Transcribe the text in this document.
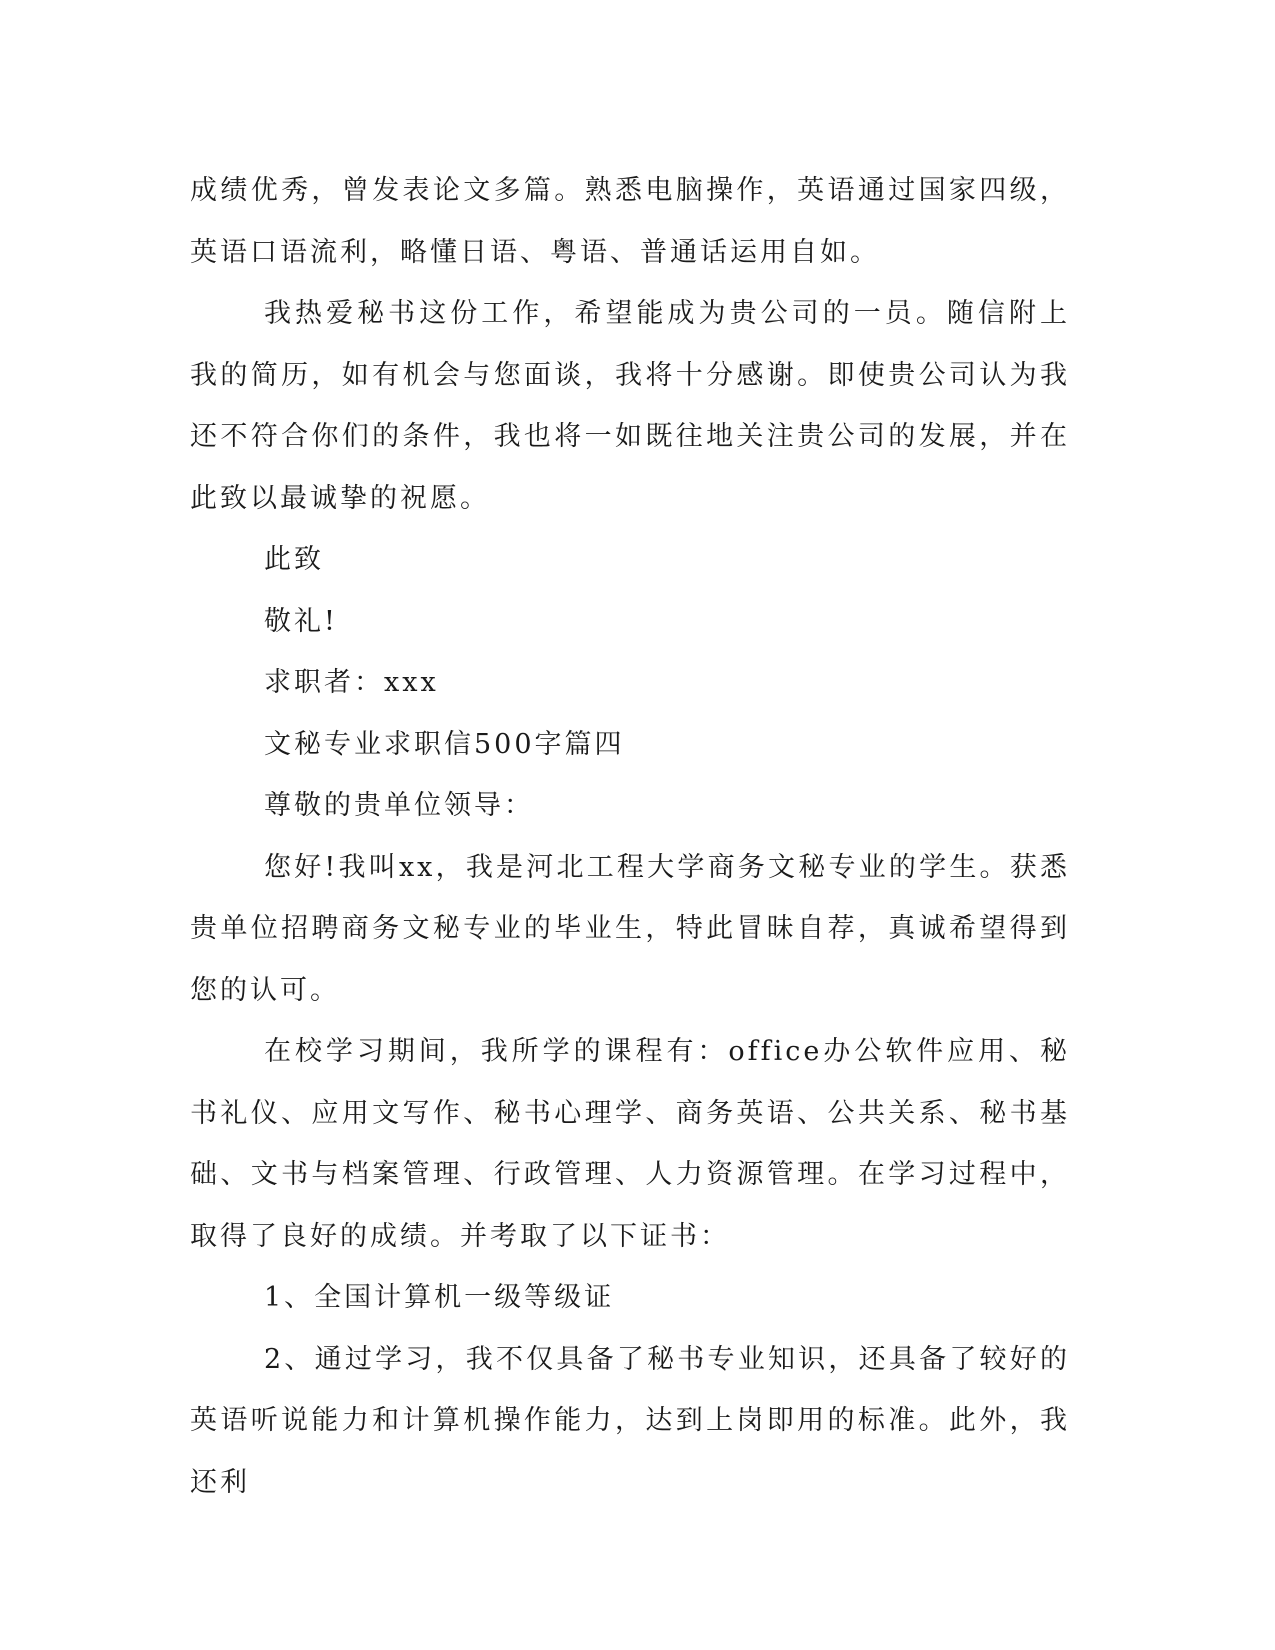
成绩优秀，曾发表论文多篇。熟悉电脑操作，英语通过国家四级，英语口语流利，略懂日语、粤语、普通话运用自如。

我热爱秘书这份工作，希望能成为贵公司的一员。随信附上我的简历，如有机会与您面谈，我将十分感谢。即使贵公司认为我还不符合你们的条件，我也将一如既往地关注贵公司的发展，并在此致以最诚挚的祝愿。

此致

敬礼!

求职者：xxx

文秘专业求职信500字篇四

尊敬的贵单位领导：

您好!我叫xx，我是河北工程大学商务文秘专业的学生。获悉贵单位招聘商务文秘专业的毕业生，特此冒昧自荐，真诚希望得到您的认可。

在校学习期间，我所学的课程有：office办公软件应用、秘书礼仪、应用文写作、秘书心理学、商务英语、公共关系、秘书基础、文书与档案管理、行政管理、人力资源管理。在学习过程中，取得了良好的成绩。并考取了以下证书：

1、全国计算机一级等级证

2、通过学习，我不仅具备了秘书专业知识，还具备了较好的英语听说能力和计算机操作能力，达到上岗即用的标准。此外，我还利
